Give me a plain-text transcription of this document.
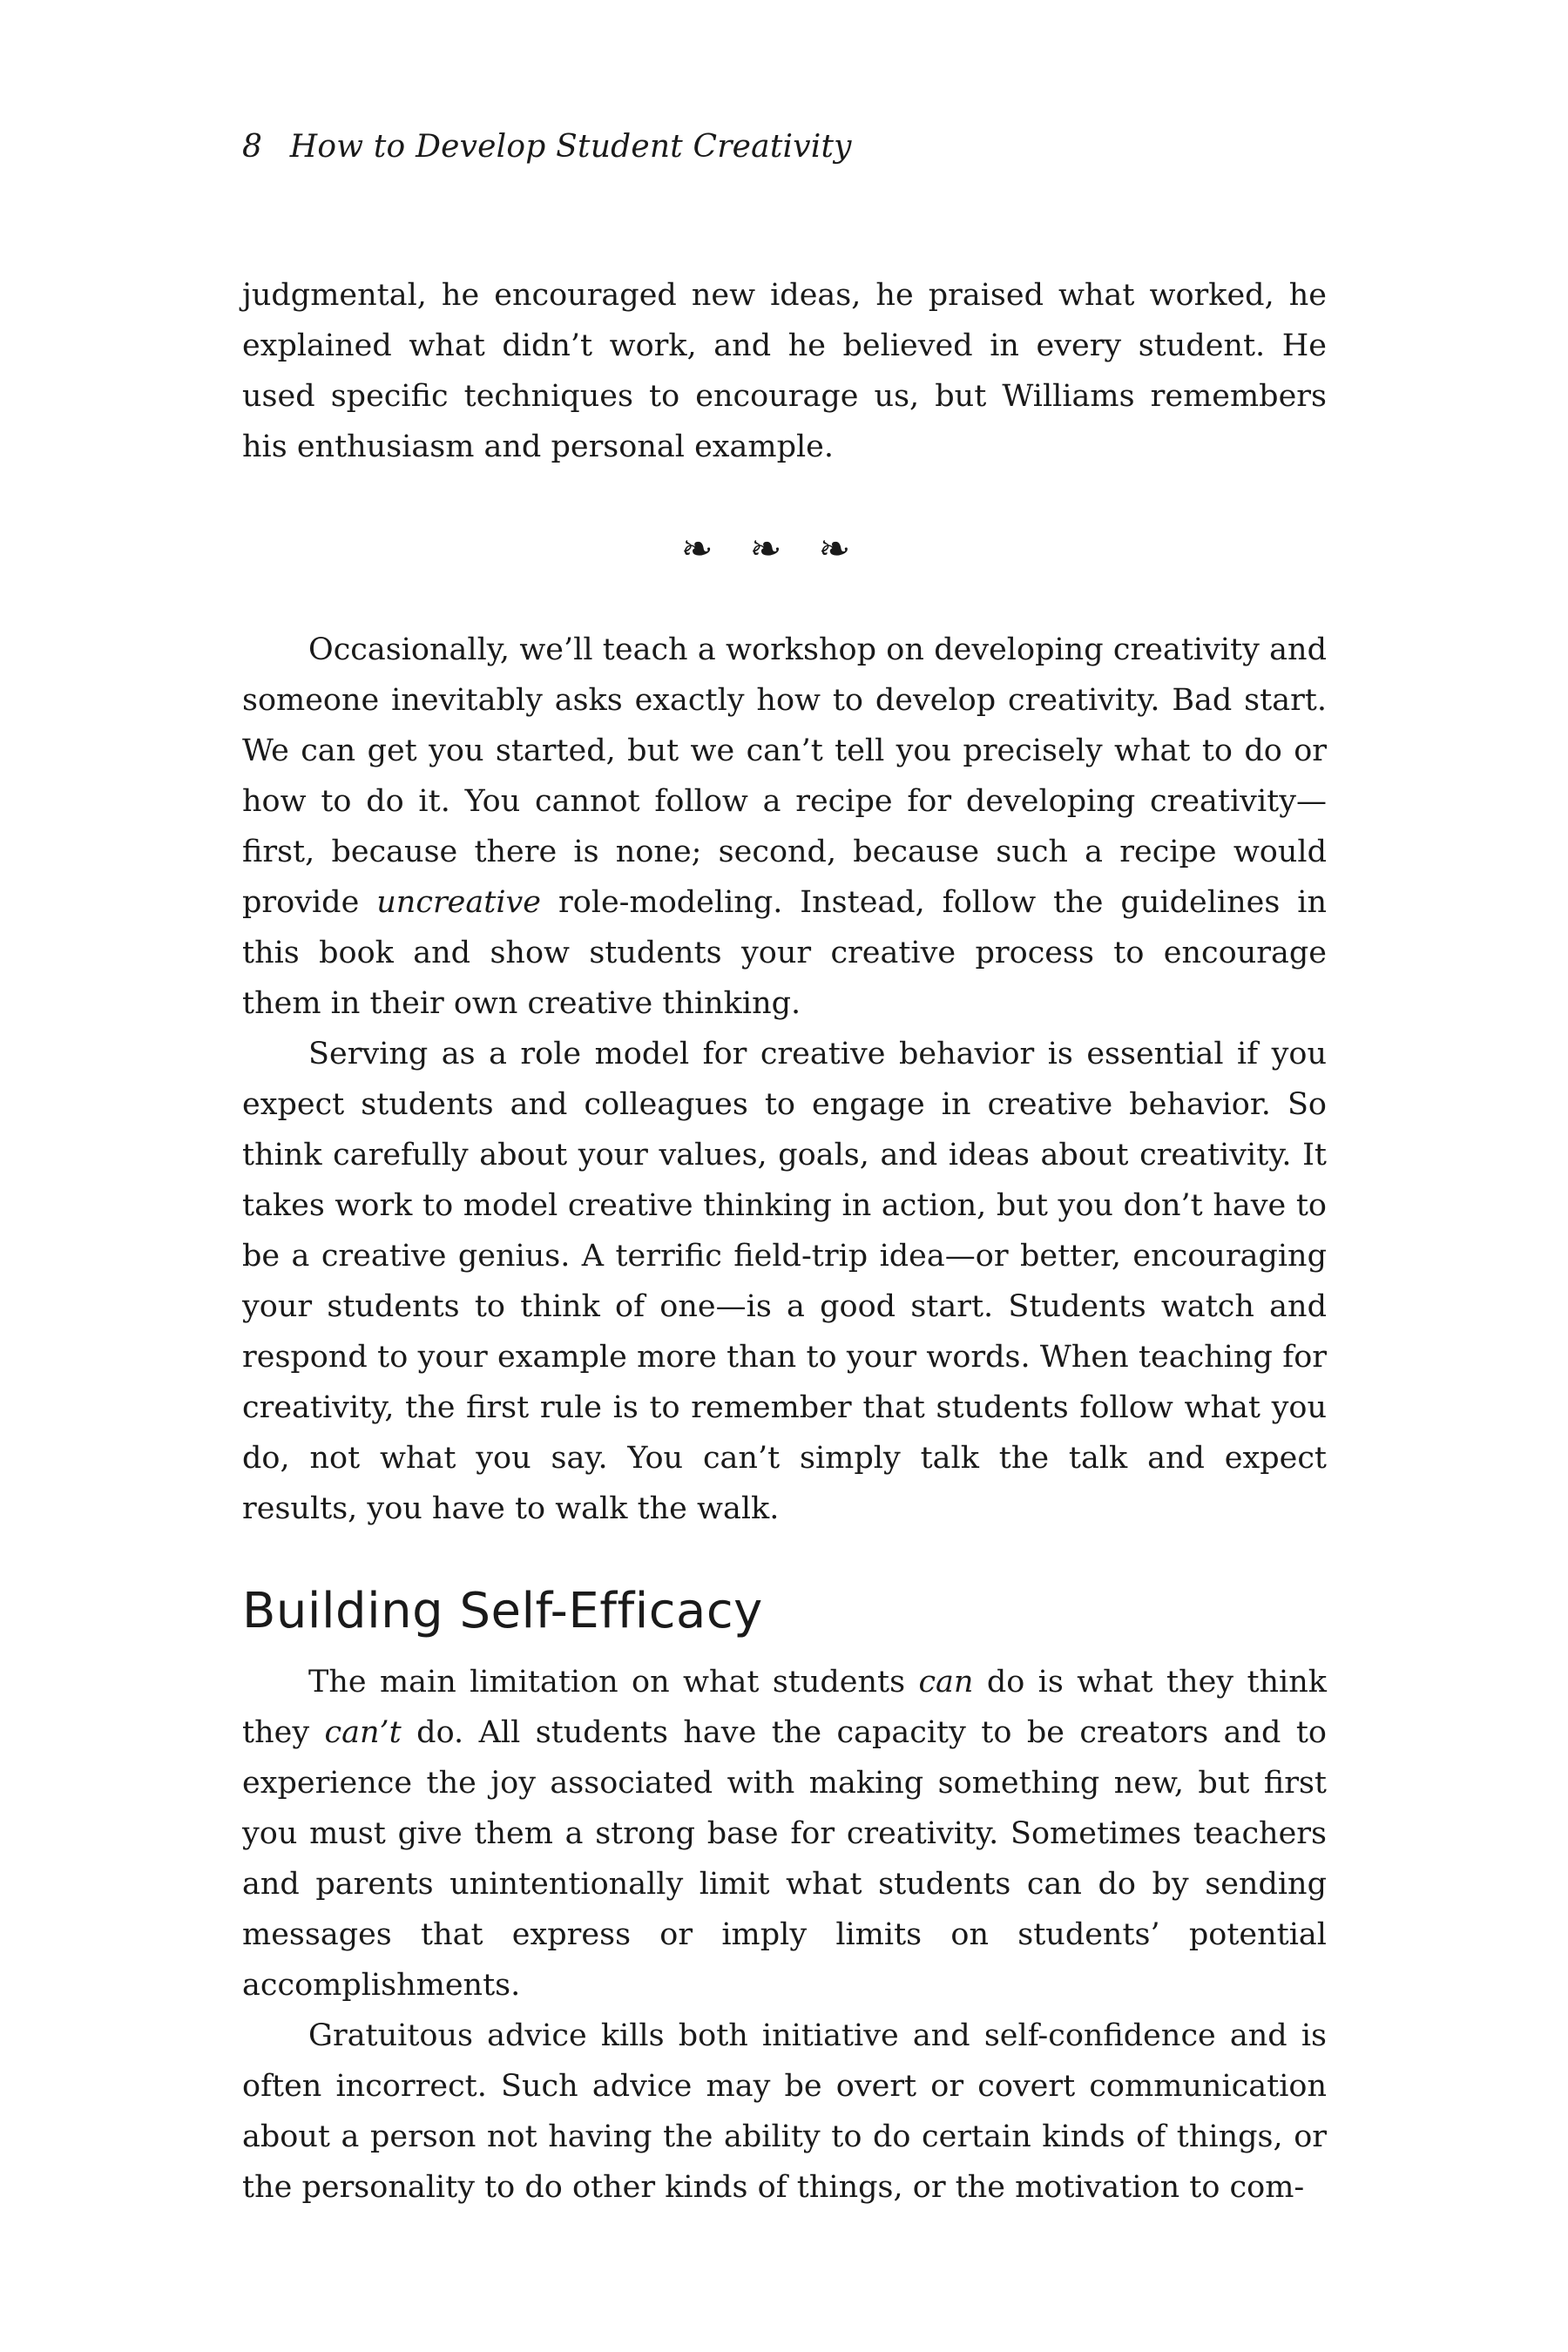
8 How to Develop Student Creativity

judgmental, he encouraged new ideas, he praised what worked, he explained what didn’t work, and he believed in every student. He used specific techniques to encourage us, but Williams remembers his enthusiasm and personal example.

❧❧❧

Occasionally, we’ll teach a workshop on developing creativity and someone inevitably asks exactly how to develop creativity. Bad start. We can get you started, but we can’t tell you precisely what to do or how to do it. You cannot follow a recipe for developing creativity—first, because there is none; second, because such a recipe would provide uncreative role-modeling. Instead, follow the guidelines in this book and show students your creative process to encourage them in their own creative thinking.

Serving as a role model for creative behavior is essential if you expect students and colleagues to engage in creative behavior. So think carefully about your values, goals, and ideas about creativity. It takes work to model creative thinking in action, but you don’t have to be a creative genius. A terrific field-trip idea—or better, encouraging your students to think of one—is a good start. Students watch and respond to your example more than to your words. When teaching for creativity, the first rule is to remember that students follow what you do, not what you say. You can’t simply talk the talk and expect results, you have to walk the walk.

Building Self-Efficacy

The main limitation on what students can do is what they think they can’t do. All students have the capacity to be creators and to experience the joy associated with making something new, but first you must give them a strong base for creativity. Sometimes teachers and parents unintentionally limit what students can do by sending messages that express or imply limits on students’ potential accomplishments.

Gratuitous advice kills both initiative and self-confidence and is often incorrect. Such advice may be overt or covert communication about a person not having the ability to do certain kinds of things, or the personality to do other kinds of things, or the motivation to com-
